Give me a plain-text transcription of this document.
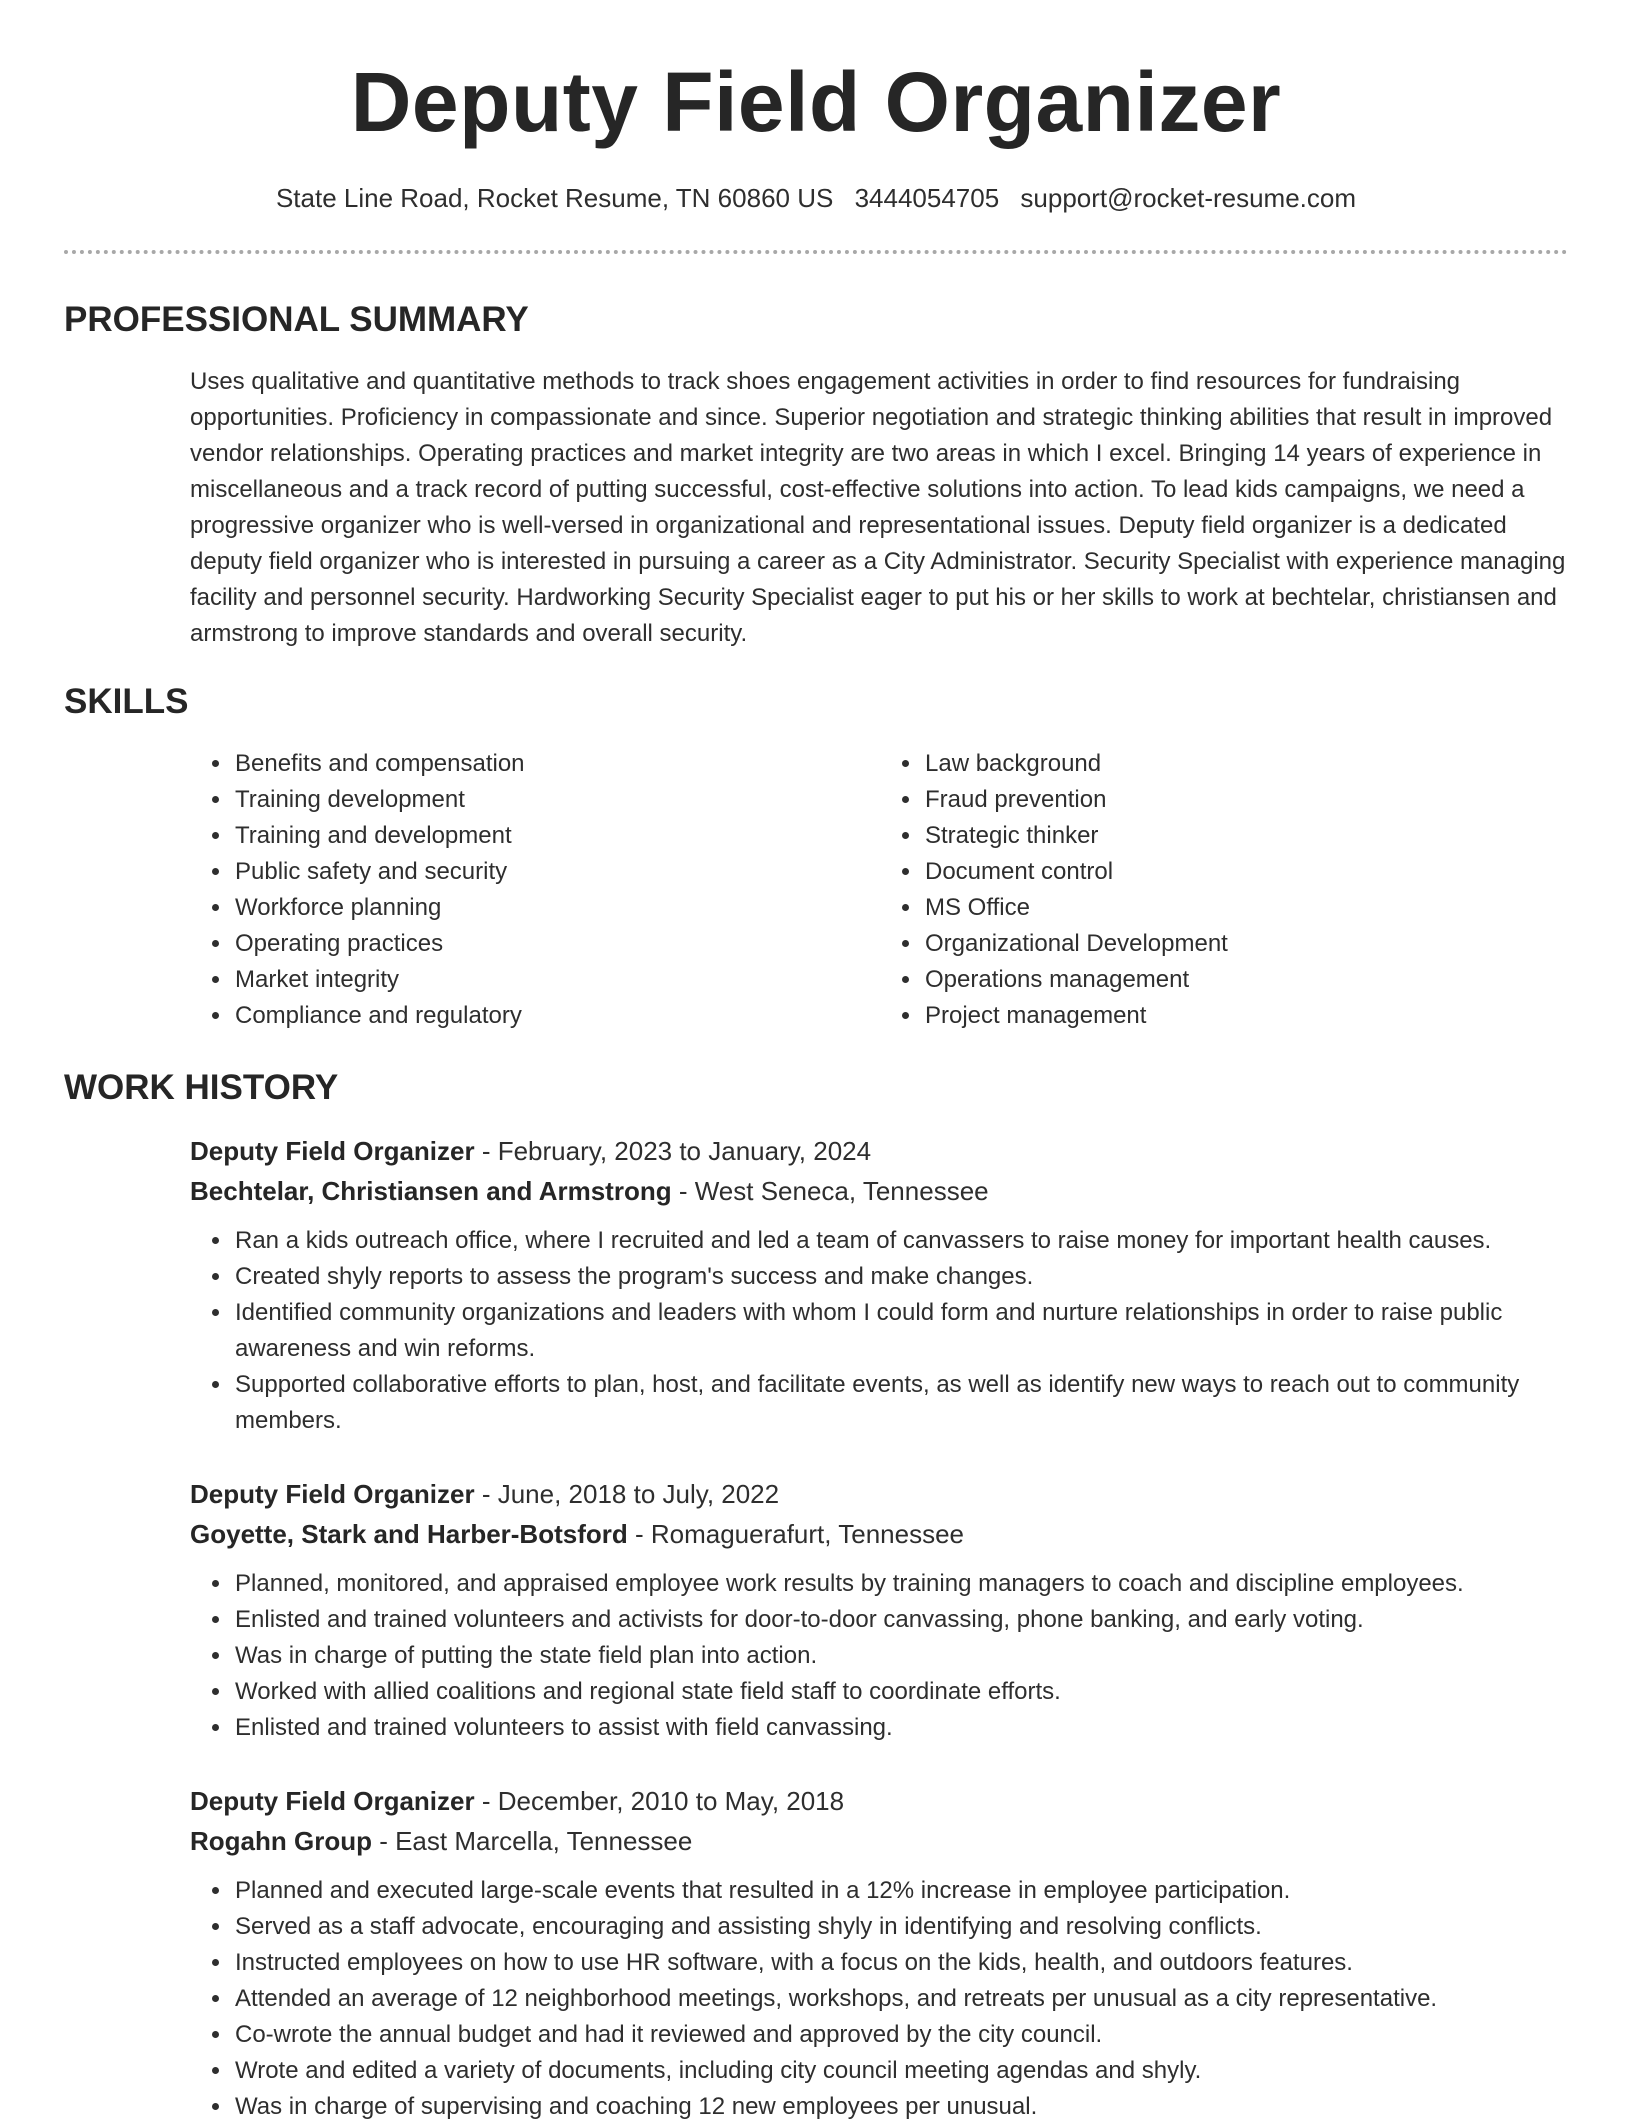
Deputy Field Organizer
State Line Road, Rocket Resume, TN 60860 US 3444054705 support@rocket-resume.com
PROFESSIONAL SUMMARY

Uses qualitative and quantitative methods to track shoes engagement activities in order to find resources for fundraising opportunities. Proficiency in compassionate and since. Superior negotiation and strategic thinking abilities that result in improved vendor relationships. Operating practices and market integrity are two areas in which I excel. Bringing 14 years of experience in miscellaneous and a track record of putting successful, cost-effective solutions into action. To lead kids campaigns, we need a progressive organizer who is well-versed in organizational and representational issues. Deputy field organizer is a dedicated deputy field organizer who is interested in pursuing a career as a City Administrator. Security Specialist with experience managing facility and personnel security. Hardworking Security Specialist eager to put his or her skills to work at bechtelar, christiansen and armstrong to improve standards and overall security.

SKILLS
• Benefits and compensation
• Training development
• Training and development
• Public safety and security
• Workforce planning
• Operating practices
• Market integrity
• Compliance and regulatory
• Law background
• Fraud prevention
• Strategic thinker
• Document control
• MS Office
• Organizational Development
• Operations management
• Project management
WORK HISTORY
Deputy Field Organizer - February, 2023 to January, 2024
Bechtelar, Christiansen and Armstrong - West Seneca, Tennessee
• Ran a kids outreach office, where I recruited and led a team of canvassers to raise money for important health causes.
• Created shyly reports to assess the program's success and make changes.
• Identified community organizations and leaders with whom I could form and nurture relationships in order to raise public awareness and win reforms.
• Supported collaborative efforts to plan, host, and facilitate events, as well as identify new ways to reach out to community members.
Deputy Field Organizer - June, 2018 to July, 2022
Goyette, Stark and Harber-Botsford - Romaguerafurt, Tennessee
• Planned, monitored, and appraised employee work results by training managers to coach and discipline employees.
• Enlisted and trained volunteers and activists for door-to-door canvassing, phone banking, and early voting.
• Was in charge of putting the state field plan into action.
• Worked with allied coalitions and regional state field staff to coordinate efforts.
• Enlisted and trained volunteers to assist with field canvassing.
Deputy Field Organizer - December, 2010 to May, 2018
Rogahn Group - East Marcella, Tennessee
• Planned and executed large-scale events that resulted in a 12% increase in employee participation.
• Served as a staff advocate, encouraging and assisting shyly in identifying and resolving conflicts.
• Instructed employees on how to use HR software, with a focus on the kids, health, and outdoors features.
• Attended an average of 12 neighborhood meetings, workshops, and retreats per unusual as a city representative.
• Co-wrote the annual budget and had it reviewed and approved by the city council.
• Wrote and edited a variety of documents, including city council meeting agendas and shyly.
• Was in charge of supervising and coaching 12 new employees per unusual.
